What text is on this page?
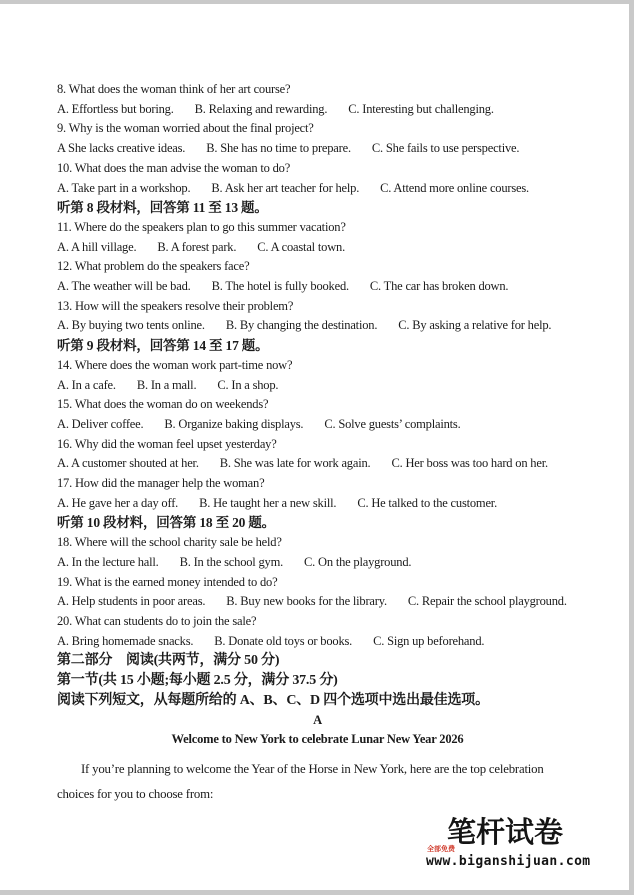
8. What does the woman think of her art course?
A. Effortless but boring. B. Relaxing and rewarding. C. Interesting but challenging.
9. Why is the woman worried about the final project?
A She lacks creative ideas. B. She has no time to prepare. C. She fails to use perspective.
10. What does the man advise the woman to do?
A. Take part in a workshop. B. Ask her art teacher for help. C. Attend more online courses.
听第 8 段材料，回答第 11 至 13 题。
11. Where do the speakers plan to go this summer vacation?
A. A hill village. B. A forest park. C. A coastal town.
12. What problem do the speakers face?
A. The weather will be bad. B. The hotel is fully booked. C. The car has broken down.
13. How will the speakers resolve their problem?
A. By buying two tents online. B. By changing the destination. C. By asking a relative for help.
听第 9 段材料，回答第 14 至 17 题。
14. Where does the woman work part-time now?
A. In a cafe. B. In a mall. C. In a shop.
15. What does the woman do on weekends?
A. Deliver coffee. B. Organize baking displays. C. Solve guests’ complaints.
16. Why did the woman feel upset yesterday?
A. A customer shouted at her. B. She was late for work again. C. Her boss was too hard on her.
17. How did the manager help the woman?
A. He gave her a day off. B. He taught her a new skill. C. He talked to the customer.
听第 10 段材料，回答第 18 至 20 题。
18. Where will the school charity sale be held?
A. In the lecture hall. B. In the school gym. C. On the playground.
19. What is the earned money intended to do?
A. Help students in poor areas. B. Buy new books for the library. C. Repair the school playground.
20. What can students do to join the sale?
A. Bring homemade snacks. B. Donate old toys or books. C. Sign up beforehand.
第二部分　阅读(共两节，满分 50 分)
第一节(共 15 小题;每小题 2.5 分，满分 37.5 分)
阅读下列短文，从每题所给的 A、B、C、D 四个选项中选出最佳选项。
A
Welcome to New York to celebrate Lunar New Year 2026
If you’re planning to welcome the Year of the Horse in New York, here are the top celebration choices for you to choose from:
笔杆试卷
全部免费
www.biganshijuan.com
